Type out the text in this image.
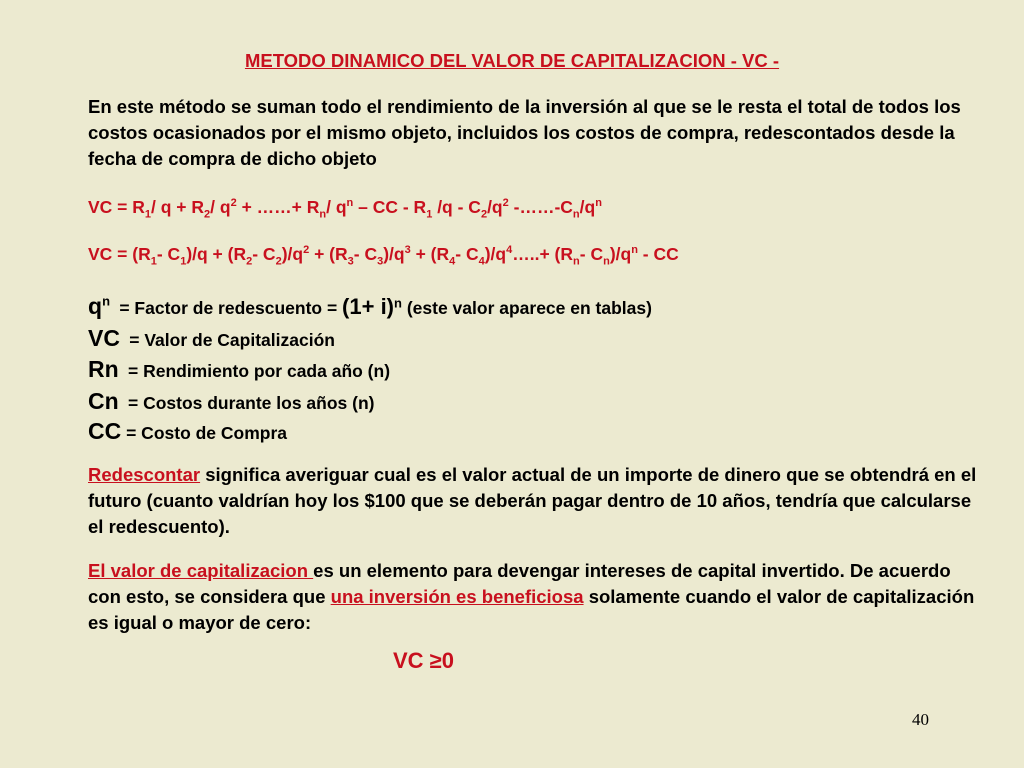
METODO DINAMICO DEL VALOR DE CAPITALIZACION - VC -
En este método se suman todo el rendimiento de la inversión al que se le resta el total de todos los costos ocasionados por el mismo objeto, incluidos los costos de compra, redescontados desde la fecha de compra de dicho objeto
VC = $R_1/$ $q + R_2/$ $q^2$ + ……+ $R_n/$ $q^n$ – CC - $R_1$ $/q - C_2/q^2$ $-\dots\dots-C_n/q^n$
VC = ($R_1-$ $C_1)/q + (R_2-$ $C_2)/q^2 + (R_3-$ $C_3)/q^3 + (R_4-$ $C_4)/q^4\dots..+ (R_n-$ $C_n)/q^n$ - CC
$q^n$  = Factor de redescuento = $(1+ i)^n$ (este valor aparece en tablas)
VC  = Valor de Capitalización
Rn  = Rendimiento por cada año (n)
Cn  = Costos durante los años (n)
CC = Costo de Compra
Redescontar significa averiguar cual es el valor actual de un importe de dinero que se obtendrá en el futuro (cuanto valdrían hoy los $100 que se deberán pagar dentro de 10 años, tendría que calcularse el redescuento).
El valor de capitalizacion es un elemento para devengar intereses de capital invertido. De acuerdo con esto, se considera que una inversión es beneficiosa solamente cuando el valor de capitalización es igual o mayor de cero:
VC ≥0
40
